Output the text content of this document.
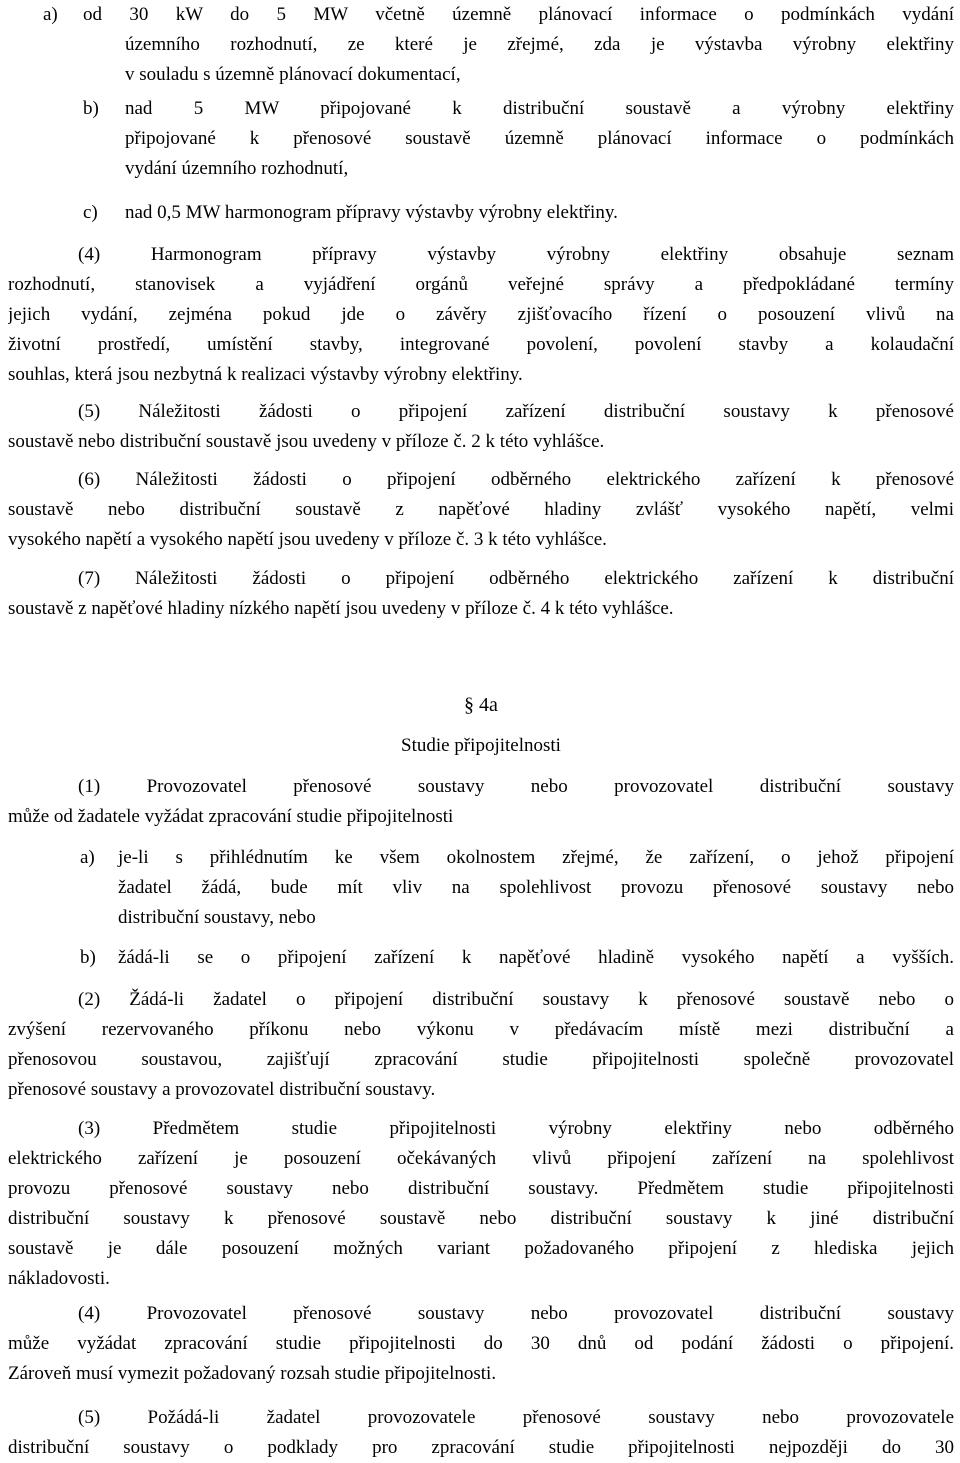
a)	od 30 kW do 5 MW včetně územně plánovací informace o podmínkách vydání
územního rozhodnutí, ze které je zřejmé, zda je výstavba výrobny elektřiny
v souladu s územně plánovací dokumentací,
b) nad 5 MW připojované k distribuční soustavě a výrobny elektřiny
připojované k přenosové soustavě územně plánovací informace o podmínkách
vydání územního rozhodnutí,
c) nad 0,5 MW harmonogram přípravy výstavby výrobny elektřiny.
(4) Harmonogram přípravy výstavby výrobny elektřiny obsahuje seznam
rozhodnutí, stanovisek a vyjádření orgánů veřejné správy a předpokládané termíny
jejich vydání, zejména pokud jde o závěry zjišťovacího řízení o posouzení vlivů na
životní prostředí, umístění stavby, integrované povolení, povolení stavby a kolaudační
souhlas, která jsou nezbytná k realizaci výstavby výrobny elektřiny.
(5) Náležitosti žádosti o připojení zařízení distribuční soustavy k přenosové
soustavě nebo distribuční soustavě jsou uvedeny v příloze č. 2 k této vyhlášce.
(6) Náležitosti žádosti o připojení odběrného elektrického zařízení k přenosové
soustavě nebo distribuční soustavě z napěťové hladiny zvlášť vysokého napětí, velmi
vysokého napětí a vysokého napětí jsou uvedeny v příloze č. 3 k této vyhlášce.
(7) Náležitosti žádosti o připojení odběrného elektrického zařízení k distribuční
soustavě z napěťové hladiny nízkého napětí jsou uvedeny v příloze č. 4 k této vyhlášce.
§ 4a
Studie připojitelnosti
(1) Provozovatel přenosové soustavy nebo provozovatel distribuční soustavy
může od žadatele vyžádat zpracování studie připojitelnosti
a) je-li s přihlédnutím ke všem okolnostem zřejmé, že zařízení, o jehož připojení
žadatel žádá, bude mít vliv na spolehlivost provozu přenosové soustavy nebo
distribuční soustavy, nebo
b) žádá-li se o připojení zařízení k napěťové hladině vysokého napětí a vyšších.
(2) Žádá-li žadatel o připojení distribuční soustavy k přenosové soustavě nebo o
zvýšení rezervovaného příkonu nebo výkonu v předávacím místě mezi distribuční a
přenosovou soustavou, zajišťují zpracování studie připojitelnosti společně provozovatel
přenosové soustavy a provozovatel distribuční soustavy.
(3) Předmětem studie připojitelnosti výrobny elektřiny nebo odběrného
elektrického zařízení je posouzení očekávaných vlivů připojení zařízení na spolehlivost
provozu přenosové soustavy nebo distribuční soustavy. Předmětem studie připojitelnosti
distribuční soustavy k přenosové soustavě nebo distribuční soustavy k jiné distribuční
soustavě je dále posouzení možných variant požadovaného připojení z hlediska jejich
nákladovosti.
(4) Provozovatel přenosové soustavy nebo provozovatel distribuční soustavy
může vyžádat zpracování studie připojitelnosti do 30 dnů od podání žádosti o připojení.
Zároveň musí vymezit požadovaný rozsah studie připojitelnosti.
(5) Požádá-li žadatel provozovatele přenosové soustavy nebo provozovatele
distribuční soustavy o podklady pro zpracování studie připojitelnosti nejpozději do 30
